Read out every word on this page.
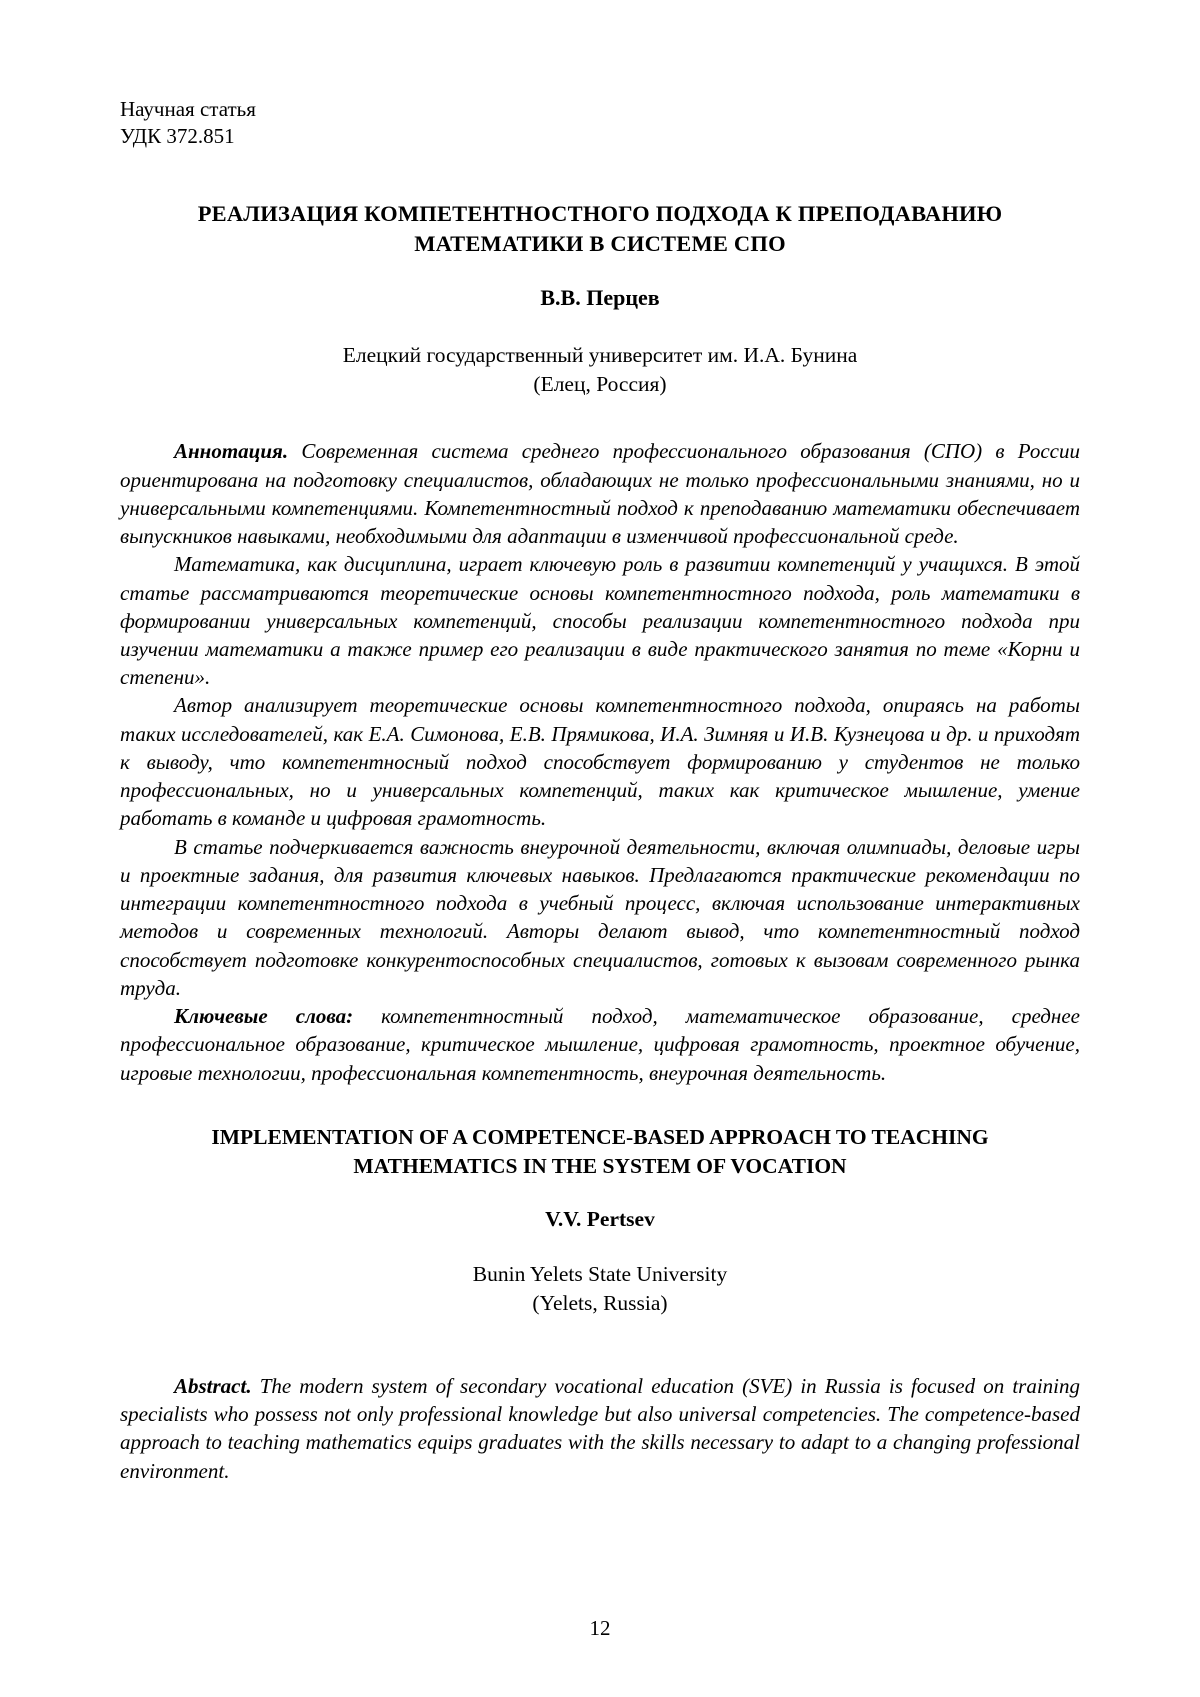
Научная статья
УДК 372.851
РЕАЛИЗАЦИЯ КОМПЕТЕНТНОСТНОГО ПОДХОДА К ПРЕПОДАВАНИЮ МАТЕМАТИКИ В СИСТЕМЕ СПО
В.В. Перцев
Елецкий государственный университет им. И.А. Бунина
(Елец, Россия)

Аннотация. Современная система среднего профессионального образования (СПО) в России ориентирована на подготовку специалистов, обладающих не только профессиональными знаниями, но и универсальными компетенциями. Компетентностный подход к преподаванию математики обеспечивает выпускников навыками, необходимыми для адаптации в изменчивой профессиональной среде.

Математика, как дисциплина, играет ключевую роль в развитии компетенций у учащихся. В этой статье рассматриваются теоретические основы компетентностного подхода, роль математики в формировании универсальных компетенций, способы реализации компетентностного подхода при изучении математики а также пример его реализации в виде практического занятия по теме «Корни и степени».

Автор анализирует теоретические основы компетентностного подхода, опираясь на работы таких исследователей, как Е.А. Симонова, Е.В. Прямикова, И.А. Зимняя и И.В. Кузнецова и др. и приходят к выводу, что компетентносный подход способствует формированию у студентов не только профессиональных, но и универсальных компетенций, таких как критическое мышление, умение работать в команде и цифровая грамотность.

В статье подчеркивается важность внеурочной деятельности, включая олимпиады, деловые игры и проектные задания, для развития ключевых навыков. Предлагаются практические рекомендации по интеграции компетентностного подхода в учебный процесс, включая использование интерактивных методов и современных технологий. Авторы делают вывод, что компетентностный подход способствует подготовке конкурентоспособных специалистов, готовых к вызовам современного рынка труда.

Ключевые слова: компетентностный подход, математическое образование, среднее профессиональное образование, критическое мышление, цифровая грамотность, проектное обучение, игровые технологии, профессиональная компетентность, внеурочная деятельность.

IMPLEMENTATION OF A COMPETENCE-BASED APPROACH TO TEACHING MATHEMATICS IN THE SYSTEM OF VOCATION
V.V. Pertsev
Bunin Yelets State University
(Yelets, Russia)

Abstract. The modern system of secondary vocational education (SVE) in Russia is focused on training specialists who possess not only professional knowledge but also universal competencies. The competence-based approach to teaching mathematics equips graduates with the skills necessary to adapt to a changing professional environment.

12
